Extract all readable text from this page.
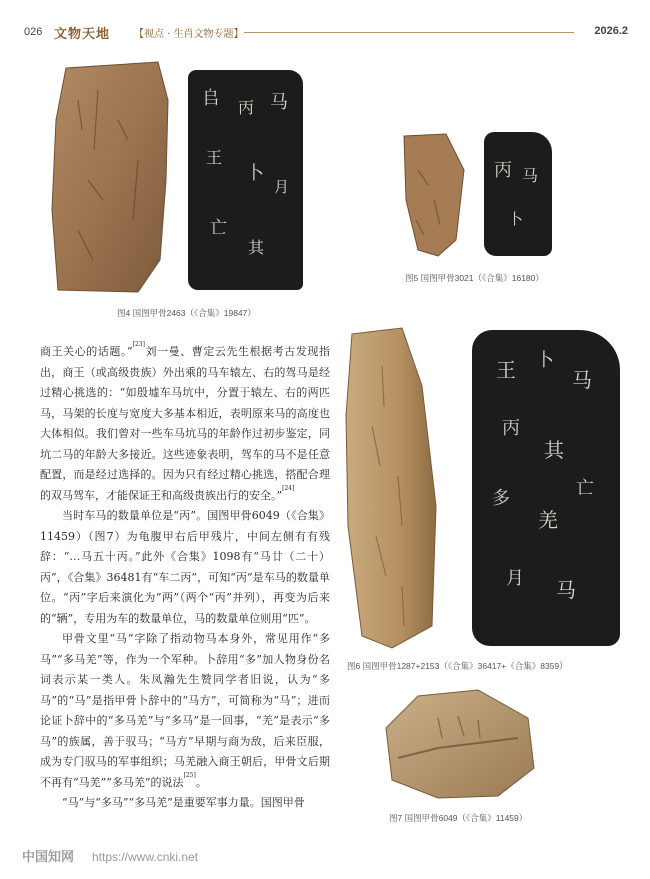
026 文物天地 【视点 · 生肖文物专题】	2026.2
𠂤 丙 马
王
卜
月
亡
其
图4 国图甲骨2463（《合集》19847）
丙 马
卜
图5 国图甲骨3021（《合集》16180）
王 卜
马
丙
其
多
羌
亡
月 马
图6 国图甲骨1287+2153（《合集》36417+《合集》8359）
图7 国图甲骨6049（《合集》11459）

商王关心的话题。”[23]刘一曼、曹定云先生根据考古发现指出，商王（或高级贵族）外出乘的马车辕左、右的驾马是经过精心挑选的：“如殷墟车马坑中，分置于辕左、右的两匹马，马架的长度与宽度大多基本相近，表明原来马的高度也大体相似。我们曾对一些车马坑马的年龄作过初步鉴定，同坑二马的年龄大多接近。这些迹象表明，驾车的马不是任意配置，而是经过选择的。因为只有经过精心挑选，搭配合理的双马驾车，才能保证王和高级贵族出行的安全。”[24]

当时车马的数量单位是“丙”。国图甲骨6049（《合集》11459）（图7）为龟腹甲右后甲残片，中间左侧有有残辞：“…马五十丙。”此外《合集》1098有“马廿（二十）丙”，《合集》36481有“车二丙”，可知“丙”是车马的数量单位。“丙”字后来演化为“两”（两个“丙”并列），再变为后来的“辆”，专用为车的数量单位，马的数量单位则用“匹”。

甲骨文里“马”字除了指动物马本身外，常见用作“多马”“多马羌”等，作为一个军种。卜辞用“多”加人物身份名词表示某一类人。朱凤瀚先生赞同学者旧说，认为“多马”的“马”是指甲骨卜辞中的“马方”，可简称为“马”；进而论证卜辞中的“多马羌”与“多马”是一回事，“羌”是表示“多马”的族属，善于驭马；“马方”早期与商为敌，后来臣服，成为专门驭马的军事组织；马羌融入商王朝后，甲骨文后期不再有“马羌”“多马羌”的说法[25]。

“马”与“多马”“多马羌”是重要军事力量。国图甲骨

中国知网 https://www.cnki.net
